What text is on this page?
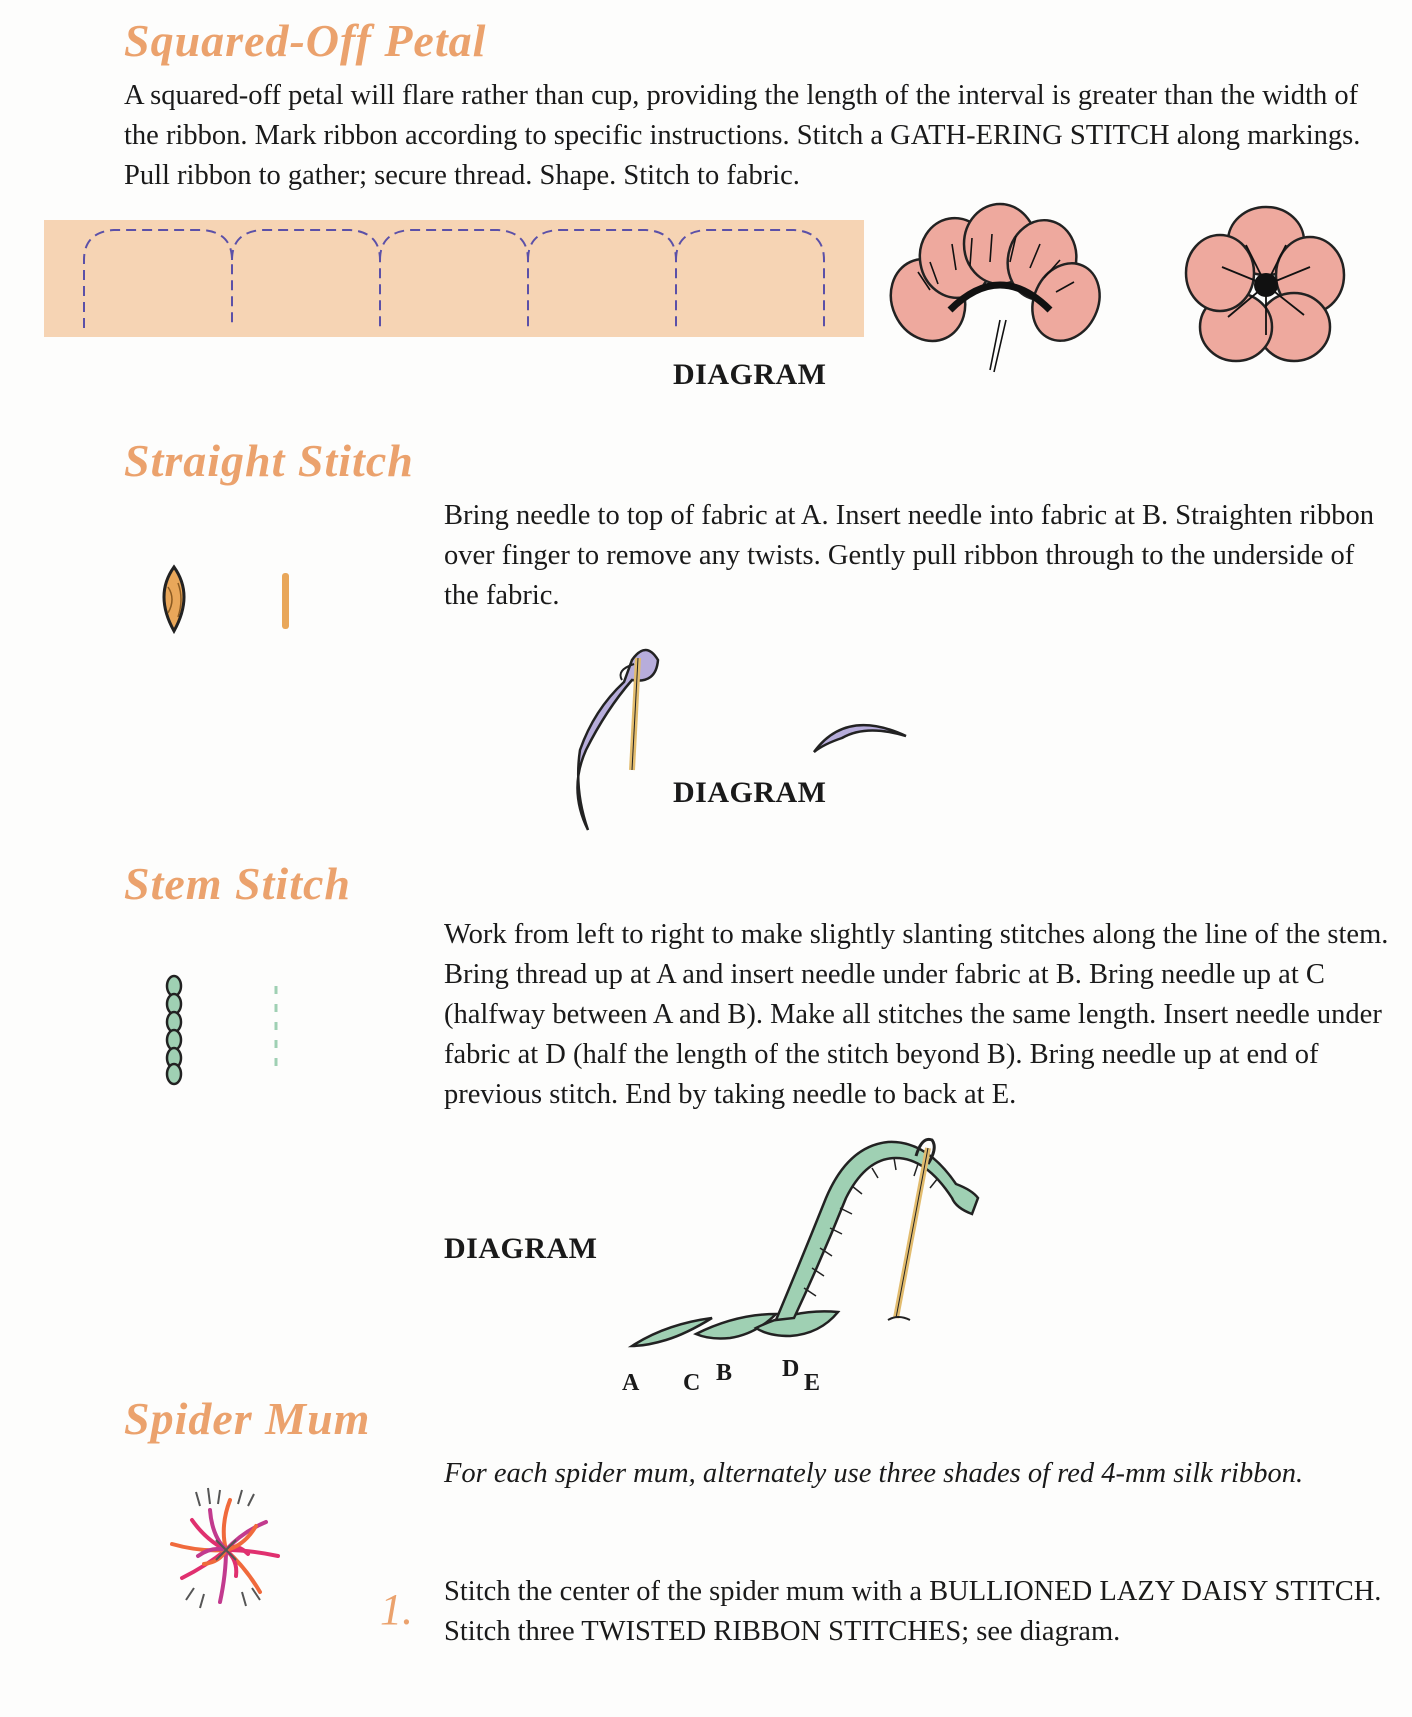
Squared-Off Petal

A squared-off petal will flare rather than cup, providing the length of the interval is greater than the width of the ribbon. Mark ribbon according to specific instructions. Stitch a GATH-ERING STITCH along markings. Pull ribbon to gather; secure thread. Shape. Stitch to fabric.

DIAGRAM
Straight Stitch

Bring needle to top of fabric at A. Insert needle into fabric at B. Straighten ribbon over finger to remove any twists. Gently pull ribbon through to the underside of the fabric.

DIAGRAM
Stem Stitch

Work from left to right to make slightly slanting stitches along the line of the stem. Bring thread up at A and insert needle under fabric at B. Bring needle up at C (halfway between A and B). Make all stitches the same length. Insert needle under fabric at D (half the length of the stitch beyond B). Bring needle up at end of previous stitch. End by taking needle to back at E.

DIAGRAM
A C B D
E
Spider Mum

For each spider mum, alternately use three shades of red 4-mm silk ribbon.

1. Stitch the center of the spider mum with a BULLIONED LAZY DAISY STITCH. Stitch three TWISTED RIBBON STITCHES; see diagram.
